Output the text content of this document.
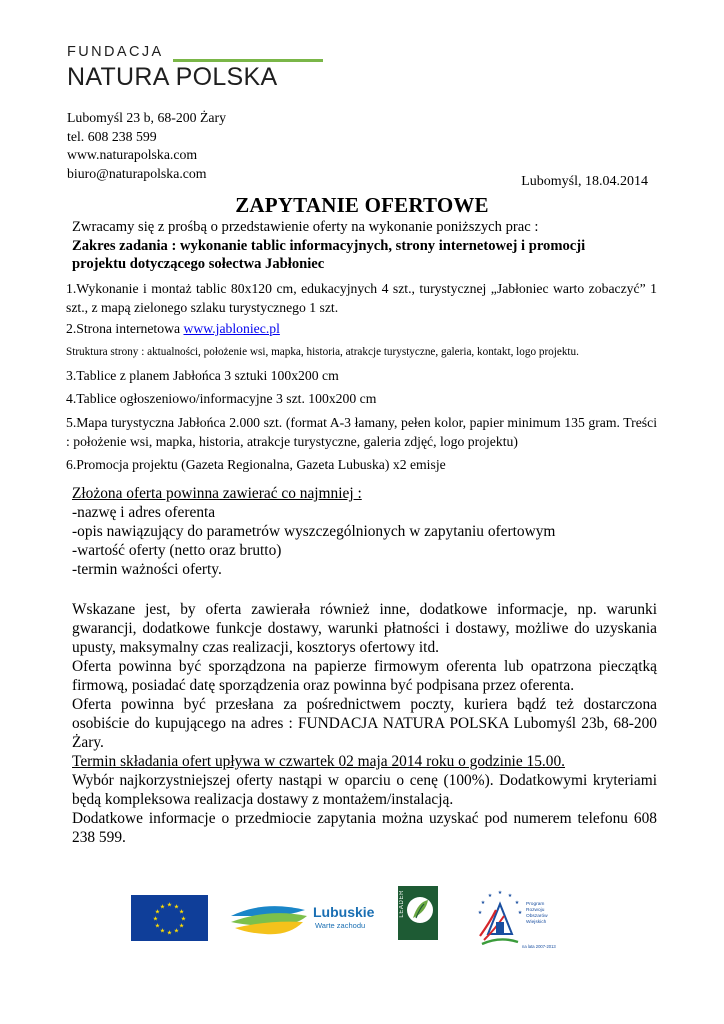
FUNDACJA
NATURA POLSKA
Lubomyśl 23 b, 68-200 Żary
tel. 608 238 599
www.naturapolska.com
biuro@naturapolska.com
Lubomyśl, 18.04.2014
ZAPYTANIE OFERTOWE
Zwracamy się z prośbą o przedstawienie oferty na wykonanie poniższych prac :
Zakres zadania : wykonanie tablic informacyjnych, strony internetowej i promocji
projektu dotyczącego sołectwa Jabłoniec
1.Wykonanie i montaż tablic 80x120 cm, edukacyjnych 4 szt., turystycznej „Jabłoniec warto zobaczyć” 1 szt., z mapą zielonego szlaku turystycznego 1 szt.
2.Strona internetowa www.jabloniec.pl
Struktura strony : aktualności, położenie wsi, mapka, historia, atrakcje turystyczne, galeria, kontakt, logo projektu.
3.Tablice z planem Jabłońca 3 sztuki 100x200 cm
4.Tablice ogłoszeniowo/informacyjne 3 szt. 100x200 cm
5.Mapa turystyczna Jabłońca 2.000 szt. (format A-3 łamany, pełen kolor, papier minimum 135 gram. Treści : położenie wsi, mapka, historia, atrakcje turystyczne, galeria zdjęć, logo projektu)
6.Promocja projektu (Gazeta Regionalna, Gazeta Lubuska) x2 emisje
Złożona oferta powinna zawierać co najmniej :
-nazwę i adres oferenta
-opis nawiązujący do parametrów wyszczególnionych w zapytaniu ofertowym
-wartość oferty (netto oraz brutto)
-termin ważności oferty.
Wskazane jest, by oferta zawierała również inne, dodatkowe informacje, np. warunki gwarancji, dodatkowe funkcje dostawy, warunki płatności i dostawy, możliwe do uzyskania upusty, maksymalny czas realizacji, kosztorys ofertowy itd.
Oferta powinna być sporządzona na papierze firmowym oferenta lub opatrzona pieczątką firmową, posiadać datę sporządzenia oraz powinna być podpisana przez oferenta.
Oferta powinna być przesłana za pośrednictwem poczty, kuriera bądź też dostarczona osobiście do kupującego na adres : FUNDACJA NATURA POLSKA Lubomyśl 23b, 68-200 Żary.
Termin składania ofert upływa w czwartek 02 maja 2014 roku o godzinie 15.00.
Wybór najkorzystniejszej oferty nastąpi w oparciu o cenę (100%). Dodatkowymi kryteriami będą kompleksowa realizacja dostawy z montażem/instalacją.
Dodatkowe informacje o przedmiocie zapytania można uzyskać pod numerem telefonu 608 238 599.
★ ★
★
★
★
★
★
★
★
★
★
★	Lubuskie
Warte zachodu
LEADER	★ ★
★
★
★
★
★
Program
Rozwoju
Obszarów
Wiejskich
na lata 2007-2013
